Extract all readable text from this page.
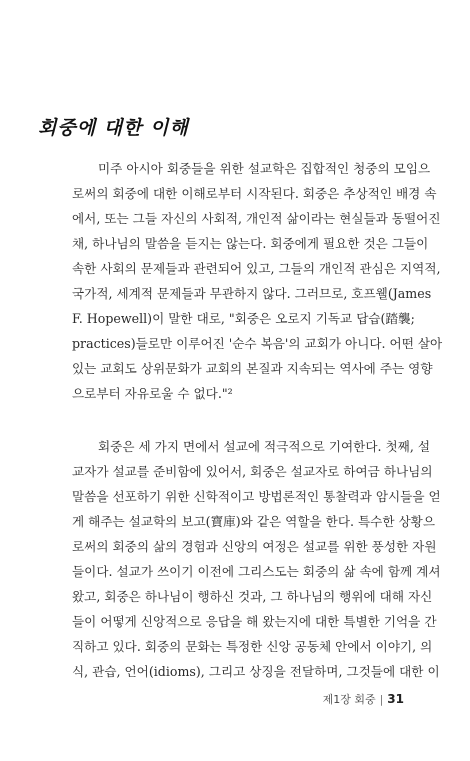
회중에 대한 이해
미주 아시아 회중들을 위한 설교학은 집합적인 청중의 모임으
로써의 회중에 대한 이해로부터 시작된다. 회중은 추상적인 배경 속
에서, 또는 그들 자신의 사회적, 개인적 삶이라는 현실들과 동떨어진
채, 하나님의 말씀을 듣지는 않는다. 회중에게 필요한 것은 그들이
속한 사회의 문제들과 관련되어 있고, 그들의 개인적 관심은 지역적,
국가적, 세계적 문제들과 무관하지 않다. 그러므로, 호프웰(James
F. Hopewell)이 말한 대로, "회중은 오로지 기독교 답습(踏襲;
practices)들로만 이루어진 '순수 복음'의 교회가 아니다. 어떤 살아
있는 교회도 상위문화가 교회의 본질과 지속되는 역사에 주는 영향
으로부터 자유로울 수 없다."²
회중은 세 가지 면에서 설교에 적극적으로 기여한다. 첫째, 설
교자가 설교를 준비함에 있어서, 회중은 설교자로 하여금 하나님의
말씀을 선포하기 위한 신학적이고 방법론적인 통찰력과 암시들을 얻
게 해주는 설교학의 보고(寶庫)와 같은 역할을 한다. 특수한 상황으
로써의 회중의 삶의 경험과 신앙의 여정은 설교를 위한 풍성한 자원
들이다. 설교가 쓰이기 이전에 그리스도는 회중의 삶 속에 함께 계셔
왔고, 회중은 하나님이 행하신 것과, 그 하나님의 행위에 대해 자신
들이 어떻게 신앙적으로 응답을 해 왔는지에 대한 특별한 기억을 간
직하고 있다. 회중의 문화는 특정한 신앙 공동체 안에서 이야기, 의
식, 관습, 언어(idioms), 그리고 상징을 전달하며, 그것들에 대한 이
제1장 회중 | 31
